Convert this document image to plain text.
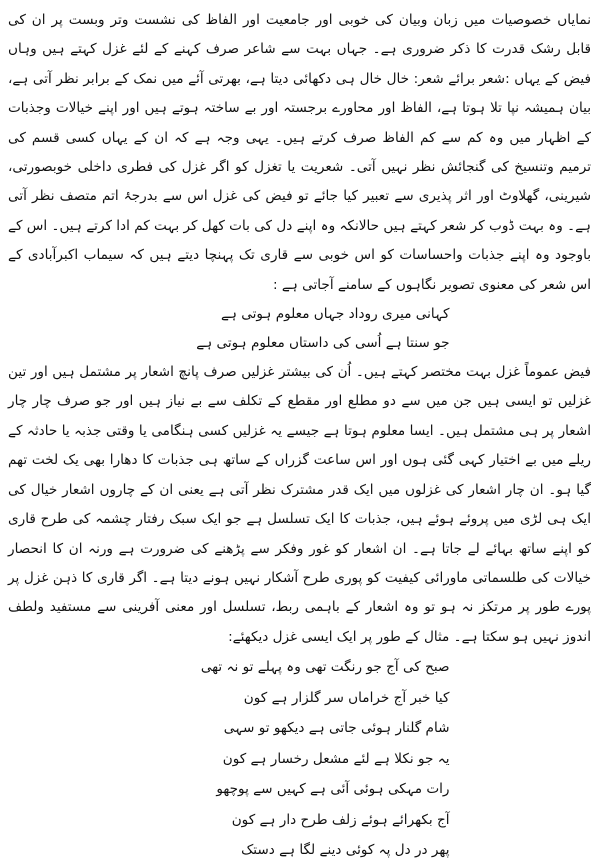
نمایاں خصوصیات میں زبان وبیان کی خوبی اور جامعیت اور الفاظ کی نشست وتر وبست پر ان کی قابل رشک قدرت کا ذکر ضروری ہے۔ جہاں بہت سے شاعر صرف کہنے کے لئے غزل کہتے ہیں وہاں فیض کے یہاں :شعر برائے شعر: خال خال ہی دکھائی دیتا ہے، بھرتی آئے میں نمک کے برابر نظر آتی ہے، بیان ہمیشہ نپا تلا ہوتا ہے، الفاظ اور محاورے برجستہ اور بے ساختہ ہوتے ہیں اور اپنے خیالات وجذبات کے اظہار میں وہ کم سے کم الفاظ صرف کرتے ہیں۔ یہی وجہ ہے کہ ان کے یہاں کسی قسم کی ترمیم وتنسیخ کی گنجائش نظر نہیں آتی۔ شعریت یا تغزل کو اگر غزل کی فطری داخلی خوبصورتی، شیرینی، گھلاوٹ اور اثر پذیری سے تعبیر کیا جائے تو فیض کی غزل اس سے بدرجۂ اتم متصف نظر آتی ہے۔ وہ بہت ڈوب کر شعر کہتے ہیں حالانکہ وہ اپنے دل کی بات کھل کر بہت کم ادا کرتے ہیں۔ اس کے باوجود وہ اپنے جذبات واحساسات کو اس خوبی سے قاری تک پہنچا دیتے ہیں کہ سیماب اکبرآبادی کے اس شعر کی معنوی تصویر نگاہوں کے سامنے آجاتی ہے :

کہانی میری روداد جہاں معلوم ہوتی ہے
جو سنتا ہے اُسی کی داستاں معلوم ہوتی ہے

فیض عموماً غزل بہت مختصر کہتے ہیں۔ اُن کی بیشتر غزلیں صرف پانچ اشعار پر مشتمل ہیں اور تین غزلیں تو ایسی ہیں جن میں سے دو مطلع اور مقطع کے تکلف سے بے نیاز ہیں اور جو صرف چار چار اشعار پر ہی مشتمل ہیں۔ ایسا معلوم ہوتا ہے جیسے یہ غزلیں کسی ہنگامی یا وقتی جذبہ یا حادثہ کے ریلے میں بے اختیار کہی گئی ہوں اور اس ساعت گزراں کے ساتھ ہی جذبات کا دھارا بھی یک لخت تھم گیا ہو۔ ان چار اشعار کی غزلوں میں ایک قدر مشترک نظر آتی ہے یعنی ان کے چاروں اشعار خیال کی ایک ہی لڑی میں پروئے ہوئے ہیں، جذبات کا ایک تسلسل ہے جو ایک سبک رفتار چشمہ کی طرح قاری کو اپنے ساتھ بہائے لے جاتا ہے۔ ان اشعار کو غور وفکر سے پڑھنے کی ضرورت ہے ورنہ ان کا انحصار خیالات کی طلسماتی ماورائی کیفیت کو پوری طرح آشکار نہیں ہونے دیتا ہے۔ اگر قاری کا ذہن غزل پر پورے طور پر مرتکز نہ ہو تو وہ اشعار کے باہمی ربط، تسلسل اور معنی آفرینی سے مستفید ولطف اندوز نہیں ہو سکتا ہے۔ مثال کے طور پر ایک ایسی غزل دیکھئے:

صبح کی آج جو رنگت تھی وہ پہلے تو نہ تھی
کیا خبر آج خراماں سر گلزار ہے کون
شام گلنار ہوئی جاتی ہے دیکھو تو سہی
یہ جو نکلا ہے لئے مشعل رخسار ہے کون
رات مہکی ہوئی آئی ہے کہیں سے پوچھو
آج بکھرائے ہوئے زلف طرح دار ہے کون
پھر در دل پہ کوئی دینے لگا ہے دستک
